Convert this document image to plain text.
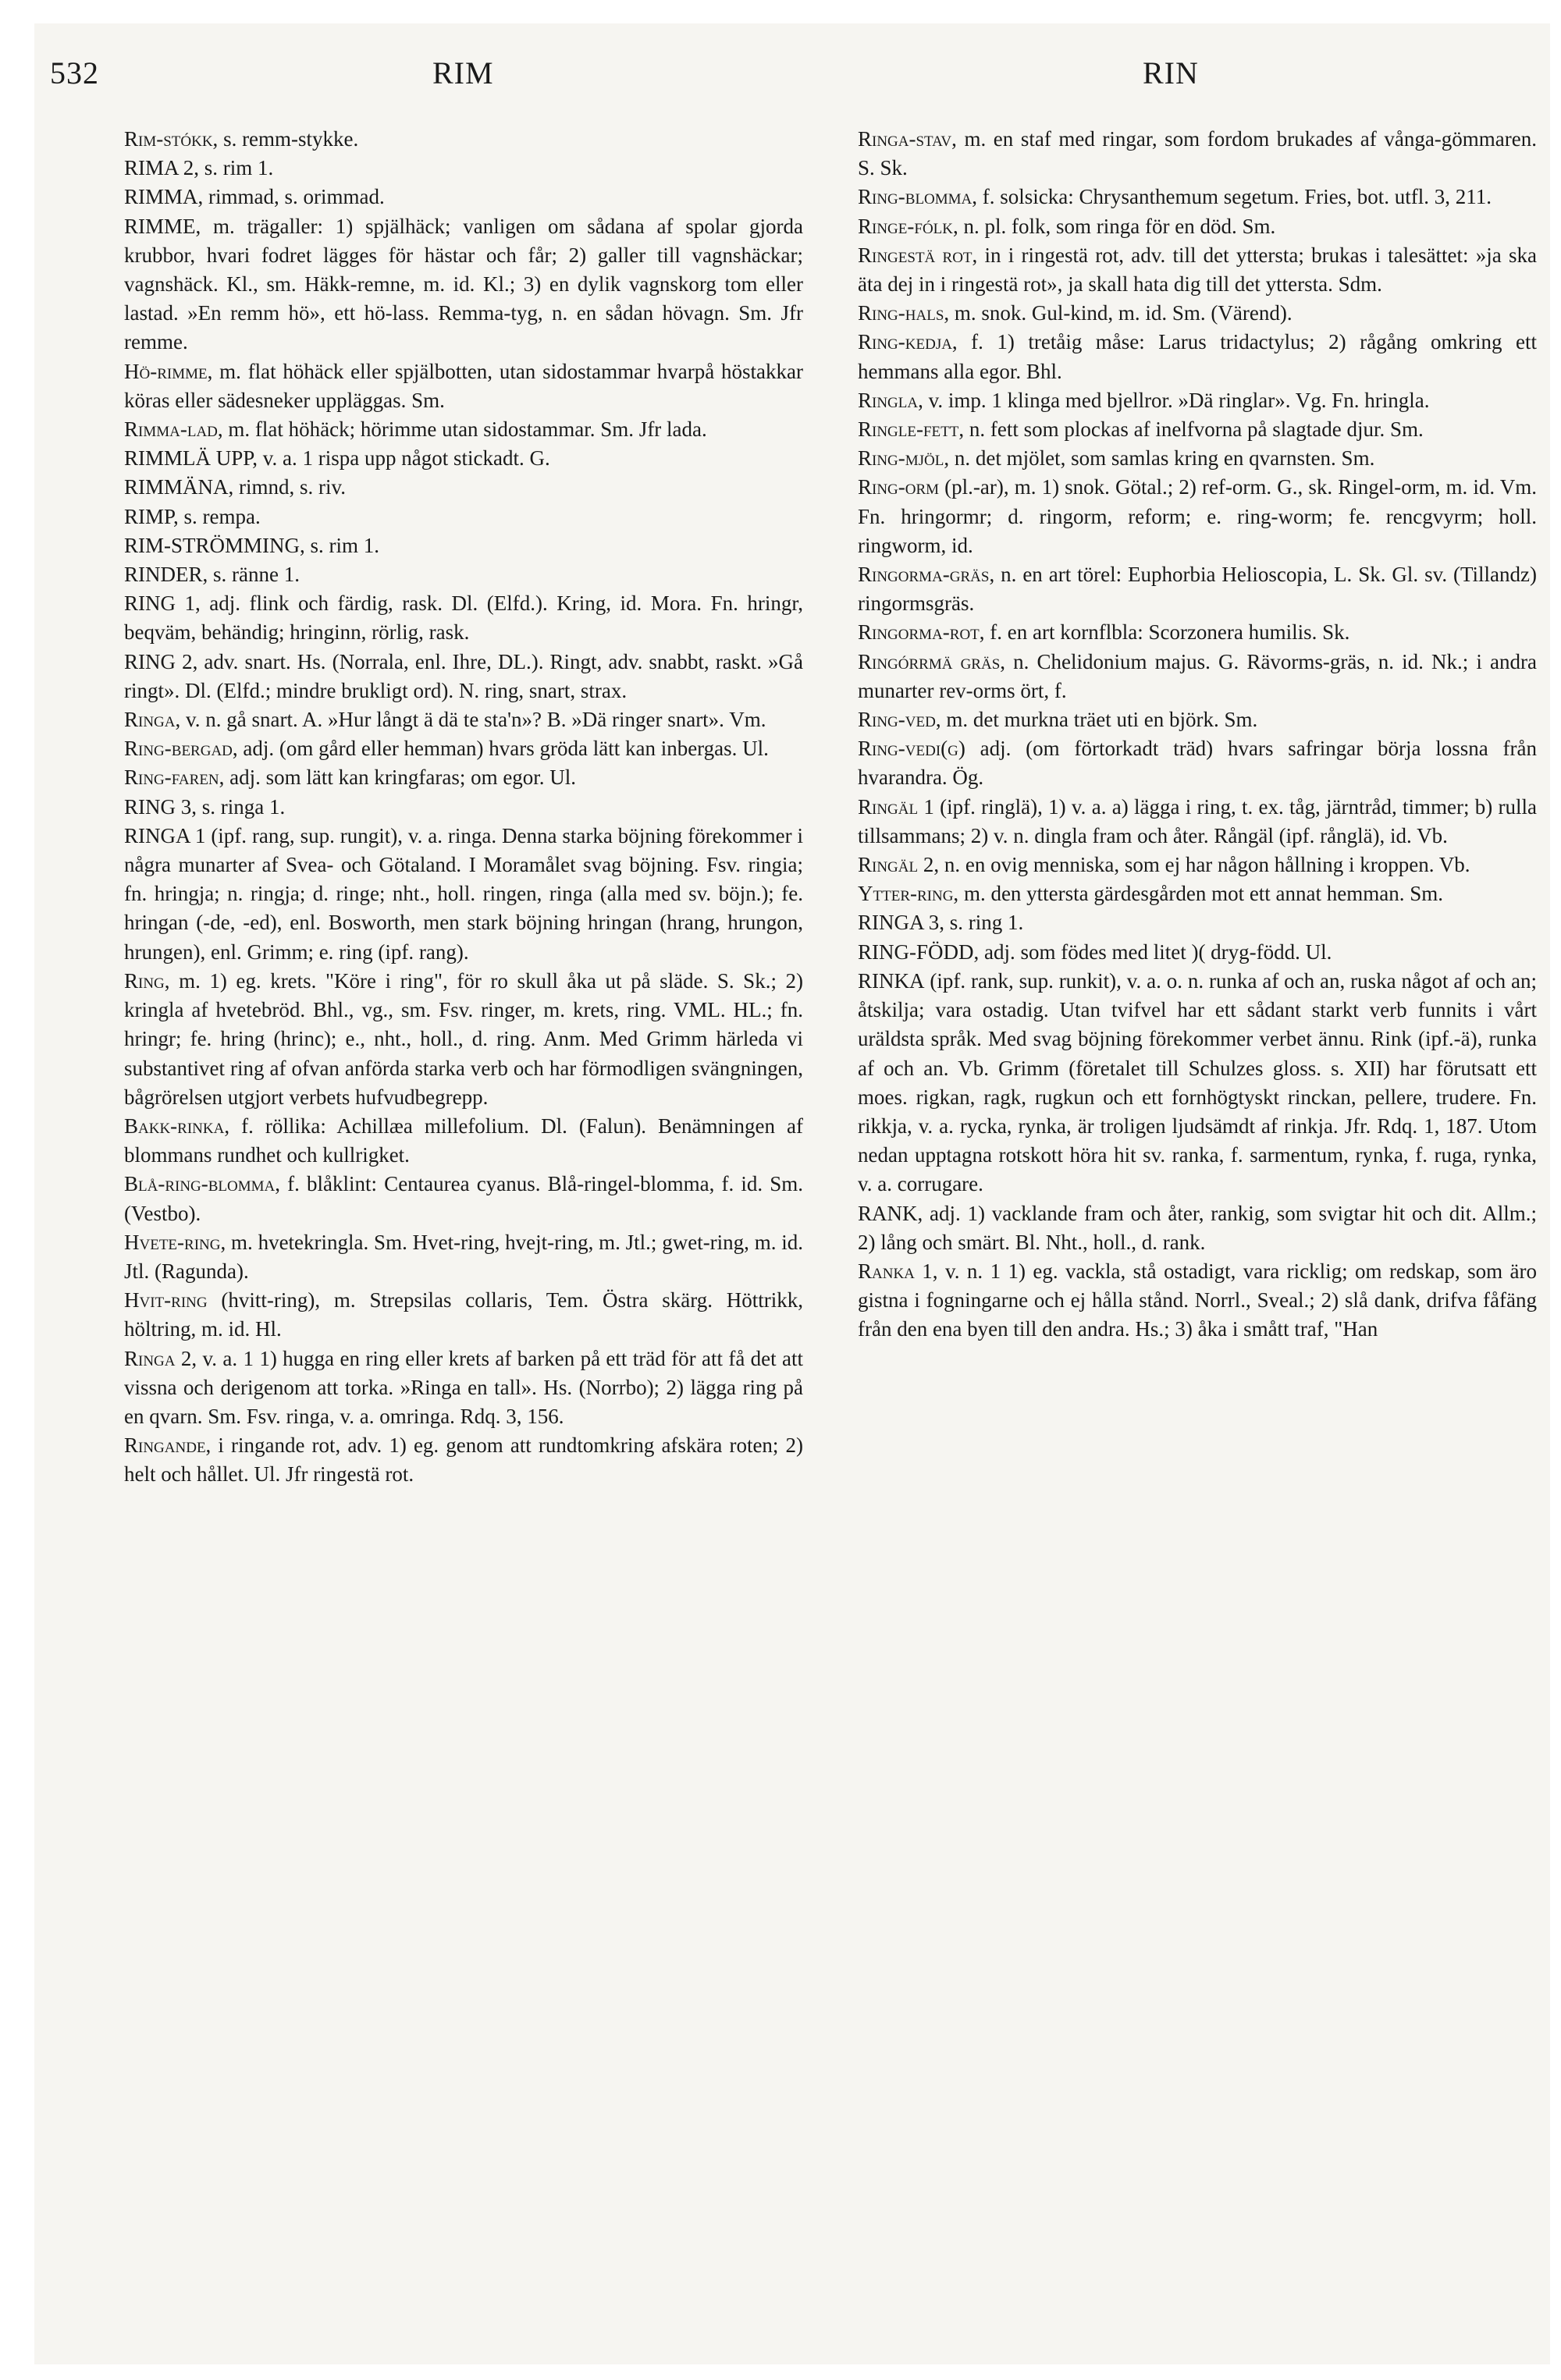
532	RIM	RIN

Rim-stókk, s. remm-stykke.

RIMA 2, s. rim 1.

RIMMA, rimmad, s. orimmad.

RIMME, m. trägaller: 1) spjälhäck; vanligen om sådana af spolar gjorda krubbor, hvari fodret lägges för hästar och får; 2) galler till vagnshäckar; vagnshäck. Kl., sm. Häkk-remne, m. id. Kl.; 3) en dylik vagnskorg tom eller lastad. »En remm hö», ett hö-lass. Remma-tyg, n. en sådan hövagn. Sm. Jfr remme.

Hö-rimme, m. flat höhäck eller spjälbotten, utan sidostammar hvarpå höstakkar köras eller sädesneker uppläggas. Sm.

Rimma-lad, m. flat höhäck; hörimme utan sidostammar. Sm. Jfr lada.

RIMMLÄ UPP, v. a. 1 rispa upp något stickadt. G.

RIMMÄNA, rimnd, s. riv.

RIMP, s. rempa.

RIM-STRÖMMING, s. rim 1.

RINDER, s. ränne 1.

RING 1, adj. flink och färdig, rask. Dl. (Elfd.). Kring, id. Mora. Fn. hringr, beqväm, behändig; hringinn, rörlig, rask.

RING 2, adv. snart. Hs. (Norrala, enl. Ihre, DL.). Ringt, adv. snabbt, raskt. »Gå ringt». Dl. (Elfd.; mindre brukligt ord). N. ring, snart, strax.

Ringa, v. n. gå snart. A. »Hur långt ä dä te sta'n»? B. »Dä ringer snart». Vm.

Ring-bergad, adj. (om gård eller hemman) hvars gröda lätt kan inbergas. Ul.

Ring-faren, adj. som lätt kan kringfaras; om egor. Ul.

RING 3, s. ringa 1.

RINGA 1 (ipf. rang, sup. rungit), v. a. ringa. Denna starka böjning förekommer i några munarter af Svea- och Götaland. I Moramålet svag böjning. Fsv. ringia; fn. hringja; n. ringja; d. ringe; nht., holl. ringen, ringa (alla med sv. böjn.); fe. hringan (-de, -ed), enl. Bosworth, men stark böjning hringan (hrang, hrungon, hrungen), enl. Grimm; e. ring (ipf. rang).

Ring, m. 1) eg. krets. "Köre i ring", för ro skull åka ut på släde. S. Sk.; 2) kringla af hvetebröd. Bhl., vg., sm. Fsv. ringer, m. krets, ring. VML. HL.; fn. hringr; fe. hring (hrinc); e., nht., holl., d. ring. Anm. Med Grimm härleda vi substantivet ring af ofvan anförda starka verb och har förmodligen svängningen, bågrörelsen utgjort verbets hufvudbegrepp.

Bakk-rinka, f. röllika: Achillæa millefolium. Dl. (Falun). Benämningen af blommans rundhet och kullrigket.

Blå-ring-blomma, f. blåklint: Centaurea cyanus. Blå-ringel-blomma, f. id. Sm. (Vestbo).

Hvete-ring, m. hvetekringla. Sm. Hvet-ring, hvejt-ring, m. Jtl.; gwet-ring, m. id. Jtl. (Ragunda).

Hvit-ring (hvitt-ring), m. Strepsilas collaris, Tem. Östra skärg. Höttrikk, höltring, m. id. Hl.

Ringa 2, v. a. 1 1) hugga en ring eller krets af barken på ett träd för att få det att vissna och derigenom att torka. »Ringa en tall». Hs. (Norrbo); 2) lägga ring på en qvarn. Sm. Fsv. ringa, v. a. omringa. Rdq. 3, 156.

Ringande, i ringande rot, adv. 1) eg. genom att rundtomkring afskära roten; 2) helt och hållet. Ul. Jfr ringestä rot.

Ringa-stav, m. en staf med ringar, som fordom brukades af vånga-gömmaren. S. Sk.

Ring-blomma, f. solsicka: Chrysanthemum segetum. Fries, bot. utfl. 3, 211.

Ringe-fólk, n. pl. folk, som ringa för en död. Sm.

Ringestä rot, in i ringestä rot, adv. till det yttersta; brukas i talesättet: »ja ska äta dej in i ringestä rot», ja skall hata dig till det yttersta. Sdm.

Ring-hals, m. snok. Gul-kind, m. id. Sm. (Värend).

Ring-kedja, f. 1) tretåig måse: Larus tridactylus; 2) rågång omkring ett hemmans alla egor. Bhl.

Ringla, v. imp. 1 klinga med bjellror. »Dä ringlar». Vg. Fn. hringla.

Ringle-fett, n. fett som plockas af inelfvorna på slagtade djur. Sm.

Ring-mjöl, n. det mjölet, som samlas kring en qvarnsten. Sm.

Ring-orm (pl.-ar), m. 1) snok. Götal.; 2) ref-orm. G., sk. Ringel-orm, m. id. Vm. Fn. hringormr; d. ringorm, reform; e. ring-worm; fe. rencgvyrm; holl. ringworm, id.

Ringorma-gräs, n. en art törel: Euphorbia Helioscopia, L. Sk. Gl. sv. (Tillandz) ringormsgräs.

Ringorma-rot, f. en art kornflbla: Scorzonera humilis. Sk.

Ringórrmä gräs, n. Chelidonium majus. G. Rävorms-gräs, n. id. Nk.; i andra munarter rev-orms ört, f.

Ring-ved, m. det murkna träet uti en björk. Sm.

Ring-vedi(g) adj. (om förtorkadt träd) hvars safringar börja lossna från hvarandra. Ög.

Ringäl 1 (ipf. ringlä), 1) v. a. a) lägga i ring, t. ex. tåg, järntråd, timmer; b) rulla tillsammans; 2) v. n. dingla fram och åter. Rångäl (ipf. rånglä), id. Vb.

Ringäl 2, n. en ovig menniska, som ej har någon hållning i kroppen. Vb.

Ytter-ring, m. den yttersta gärdesgården mot ett annat hemman. Sm.

RINGA 3, s. ring 1.

RING-FÖDD, adj. som födes med litet )( dryg-född. Ul.

RINKA (ipf. rank, sup. runkit), v. a. o. n. runka af och an, ruska något af och an; åtskilja; vara ostadig. Utan tvifvel har ett sådant starkt verb funnits i vårt uräldsta språk. Med svag böjning förekommer verbet ännu. Rink (ipf.-ä), runka af och an. Vb. Grimm (företalet till Schulzes gloss. s. XII) har förutsatt ett moes. rigkan, ragk, rugkun och ett fornhögtyskt rinckan, pellere, trudere. Fn. rikkja, v. a. rycka, rynka, är troligen ljudsämdt af rinkja. Jfr. Rdq. 1, 187. Utom nedan upptagna rotskott höra hit sv. ranka, f. sarmentum, rynka, f. ruga, rynka, v. a. corrugare.

RANK, adj. 1) vacklande fram och åter, rankig, som svigtar hit och dit. Allm.; 2) lång och smärt. Bl. Nht., holl., d. rank.

Ranka 1, v. n. 1 1) eg. vackla, stå ostadigt, vara ricklig; om redskap, som äro gistna i fogningarne och ej hålla stånd. Norrl., Sveal.; 2) slå dank, drifva fåfäng från den ena byen till den andra. Hs.; 3) åka i smått traf, "Han
